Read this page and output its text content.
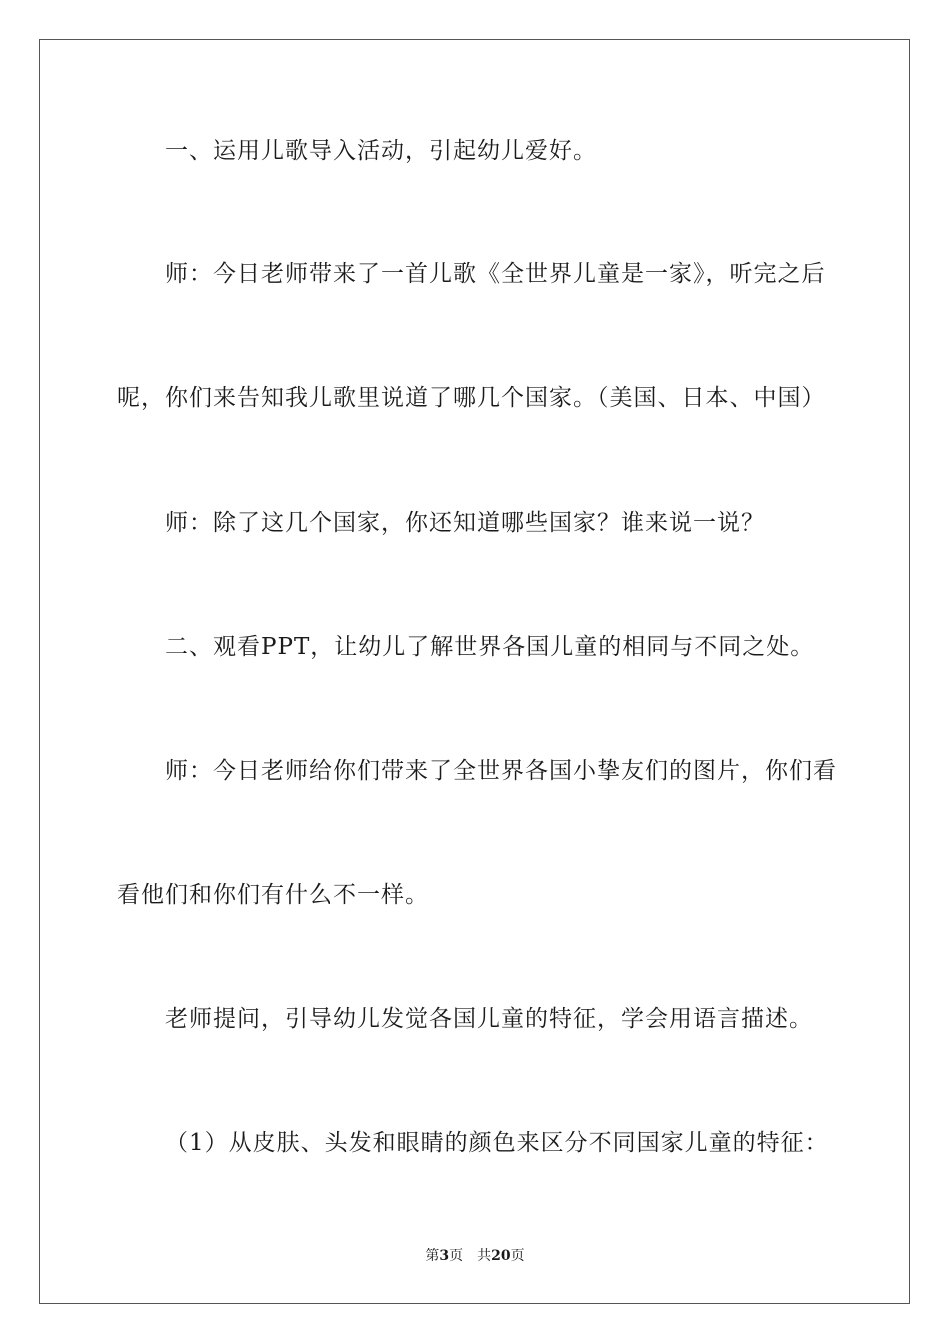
一、运用儿歌导入活动，引起幼儿爱好。
师：今日老师带来了一首儿歌《全世界儿童是一家》，听完之后
呢，你们来告知我儿歌里说道了哪几个国家。（美国、日本、中国）
师：除了这几个国家，你还知道哪些国家？谁来说一说？
二、观看PPT，让幼儿了解世界各国儿童的相同与不同之处。
师：今日老师给你们带来了全世界各国小挚友们的图片，你们看
看他们和你们有什么不一样。
老师提问，引导幼儿发觉各国儿童的特征，学会用语言描述。
（1）从皮肤、头发和眼睛的颜色来区分不同国家儿童的特征：
第3页 共20页
